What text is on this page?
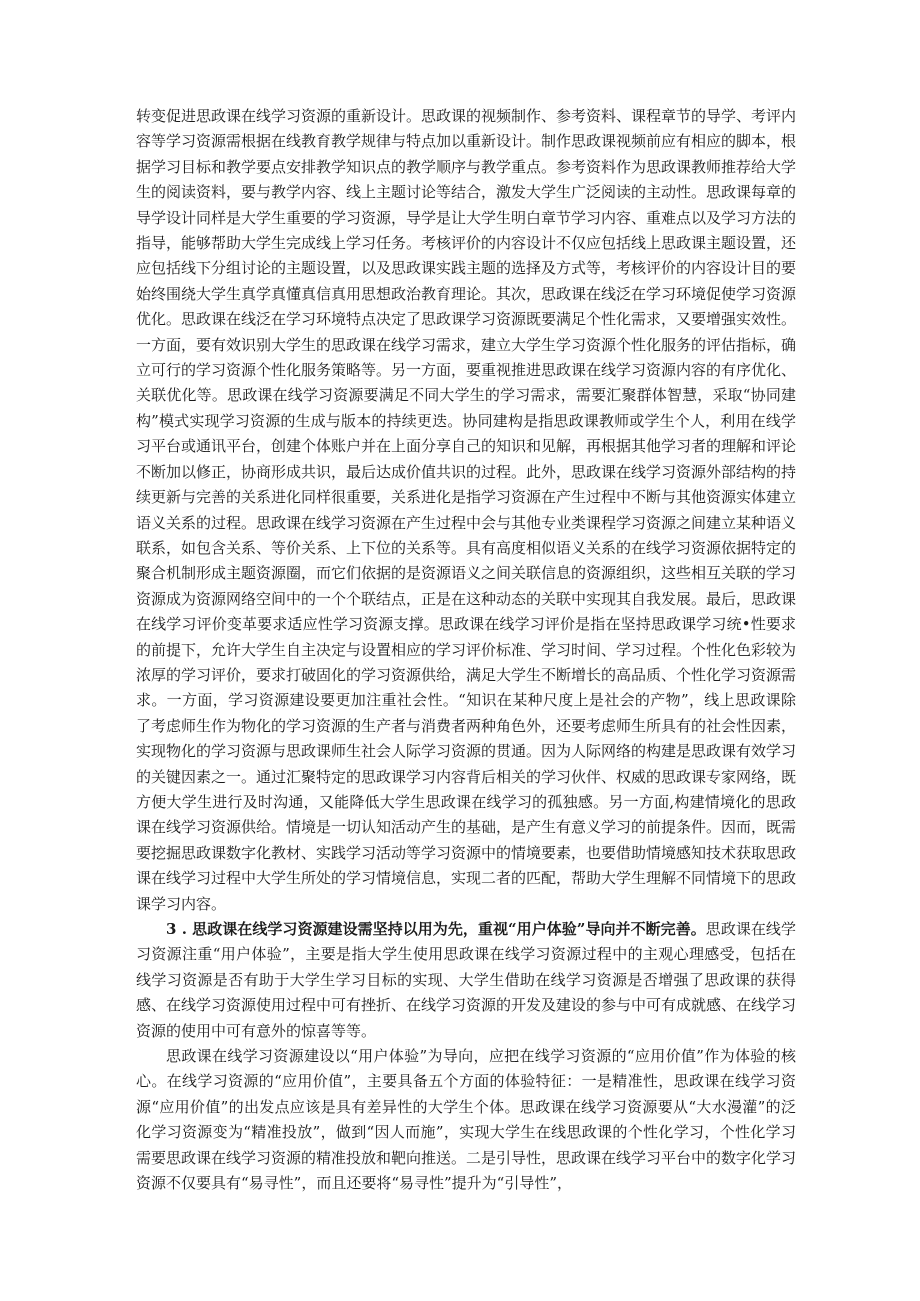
转变促进思政课在线学习资源的重新设计。思政课的视频制作、参考资料、课程章节的导学、考评内容等学习资源需根据在线教育教学规律与特点加以重新设计。制作思政课视频前应有相应的脚本，根据学习目标和教学要点安排教学知识点的教学顺序与教学重点。参考资料作为思政课教师推荐给大学生的阅读资料，要与教学内容、线上主题讨论等结合，激发大学生广泛阅读的主动性。思政课每章的导学设计同样是大学生重要的学习资源，导学是让大学生明白章节学习内容、重难点以及学习方法的指导，能够帮助大学生完成线上学习任务。考核评价的内容设计不仅应包括线上思政课主题设置，还应包括线下分组讨论的主题设置，以及思政课实践主题的选择及方式等，考核评价的内容设计目的要始终围绕大学生真学真懂真信真用思想政治教育理论。其次，思政课在线泛在学习环境促使学习资源优化。思政课在线泛在学习环境特点决定了思政课学习资源既要满足个性化需求，又要增强实效性。一方面，要有效识别大学生的思政课在线学习需求，建立大学生学习资源个性化服务的评估指标，确立可行的学习资源个性化服务策略等。另一方面，要重视推进思政课在线学习资源内容的有序优化、关联优化等。思政课在线学习资源要满足不同大学生的学习需求，需要汇聚群体智慧，采取“协同建构”模式实现学习资源的生成与版本的持续更迭。协同建构是指思政课教师或学生个人，利用在线学习平台或通讯平台，创建个体账户并在上面分享自己的知识和见解，再根据其他学习者的理解和评论不断加以修正，协商形成共识，最后达成价值共识的过程。此外，思政课在线学习资源外部结构的持续更新与完善的关系进化同样很重要，关系进化是指学习资源在产生过程中不断与其他资源实体建立语义关系的过程。思政课在线学习资源在产生过程中会与其他专业类课程学习资源之间建立某种语义联系，如包含关系、等价关系、上下位的关系等。具有高度相似语义关系的在线学习资源依据特定的聚合机制形成主题资源圈，而它们依据的是资源语义之间关联信息的资源组织，这些相互关联的学习资源成为资源网络空间中的一个个联结点，正是在这种动态的关联中实现其自我发展。最后，思政课在线学习评价变革要求适应性学习资源支撑。思政课在线学习评价是指在坚持思政课学习统•性要求的前提下，允许大学生自主决定与设置相应的学习评价标准、学习时间、学习过程。个性化色彩较为浓厚的学习评价，要求打破固化的学习资源供给，满足大学生不断增长的高品质、个性化学习资源需求。一方面，学习资源建设要更加注重社会性。“知识在某种尺度上是社会的产物”，线上思政课除了考虑师生作为物化的学习资源的生产者与消费者两种角色外，还要考虑师生所具有的社会性因素，实现物化的学习资源与思政课师生社会人际学习资源的贯通。因为人际网络的构建是思政课有效学习的关键因素之一。通过汇聚特定的思政课学习内容背后相关的学习伙伴、权威的思政课专家网络，既方便大学生进行及时沟通，又能降低大学生思政课在线学习的孤独感。另一方面,构建情境化的思政课在线学习资源供给。情境是一切认知活动产生的基础，是产生有意义学习的前提条件。因而，既需要挖掘思政课数字化教材、实践学习活动等学习资源中的情境要素，也要借助情境感知技术获取思政课在线学习过程中大学生所处的学习情境信息，实现二者的匹配，帮助大学生理解不同情境下的思政课学习内容。

3 . 思政课在线学习资源建设需坚持以用为先，重视“用户体验”导向并不断完善。思政课在线学习资源注重“用户体验”，主要是指大学生使用思政课在线学习资源过程中的主观心理感受，包括在线学习资源是否有助于大学生学习目标的实现、大学生借助在线学习资源是否增强了思政课的获得感、在线学习资源使用过程中可有挫折、在线学习资源的开发及建设的参与中可有成就感、在线学习资源的使用中可有意外的惊喜等等。

思政课在线学习资源建设以“用户体验”为导向，应把在线学习资源的“应用价值”作为体验的核心。在线学习资源的“应用价值”，主要具备五个方面的体验特征：一是精准性，思政课在线学习资源“应用价值”的出发点应该是具有差异性的大学生个体。思政课在线学习资源要从“大水漫灌”的泛化学习资源变为“精准投放”，做到“因人而施”，实现大学生在线思政课的个性化学习，个性化学习需要思政课在线学习资源的精准投放和靶向推送。二是引导性，思政课在线学习平台中的数字化学习资源不仅要具有“易寻性”，而且还要将“易寻性”提升为“引导性”，
